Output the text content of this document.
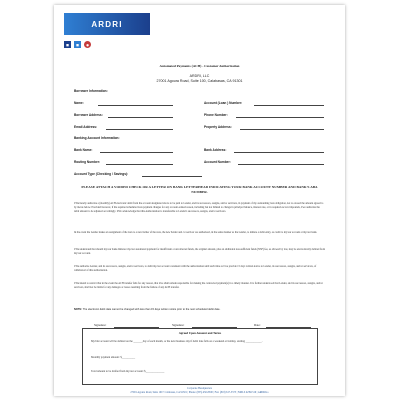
ARDRI
■	■	●
Automated Payments (ACH) - Customer Authorization
ARDRI, LLC
27001 Agoura Road, Suite 100, Calabasas, CA 91301
Borrower Information:
Name:	Account (Loan ) Number:
Borrower Address:	Phone Number:
Email Address:	Property Address:
Banking Account Information:
Bank Name:	Bank Address:
Routing Number:	Account Number:
Account Type (Checking / Savings):
PLEASE ATTACH A VOIDED CHECK OR A LETTER ON BANK LETTERHEAD INDICATING YOUR BANK ACCOUNT NUMBER AND BANK'S ABA NUMBER.
I/We hereby authorize a (monthly) ACH electronic debit from the account designated above to be paid to Lender, and its successors, assigns, and/or servicers, in payment of my outstanding loan obligation, not to exceed the amount agreed to by me/us below. Provided however, if the required scheduled loan payment changes for any account-related reason, including but not limited to change in principal balance, interest rate, or in required escrow impounds, I/we authorize the debit amount to be adjusted accordingly. I/We acknowledge that this Authorization is transferable to Lender's successors, assigns, and/or servicers.
In the event the Lender makes an assignment of the loan to a new holder of the note, the new holder and /or servicer are authorized, in the same manner as the Lender, to initiate a debit entry, as credit to my/our account at my/our bank.
I/We understand that should my/our bank dishonor my/our automated payment for insufficient or uncollected funds, the original amount, plus an additional non-sufficient funds (NSF) fee, as allowed by law, may be electronically debited from my/our account.
I/We authorize Lender, and its successors, assigns, and/or servicers, to debit my/our account consistent with the authorization until such time as I/we provide 15 days written notice to Lender, its successors, assigns, and/or servicers, of withdrawal of this authorization.
I/We intend to restrict that in the event the ACH transfer fails for any reason, that I/we shall remain responsible for making the contracted payment(s) in a timely manner. It is further understood that Lender, and its successors, assigns, and/or servicers, shall not be liable for any damages or losses resulting from the failure of any ACH transfer.
NOTE: The electronic debit date cannot be changed with less than 15 days written notice prior to the next scheduled debit date.
Signature:	Signature:	Date:
Agreed Upon Amount and Terms
My/Our account will be debited on the _______day of each month, or the next business day if debit date falls on a weekend or holiday, starting ____________.
Monthly payment amount: $__________
Total amount to be drafted from my/our account: $______________
Corporate Headquarters
27001 Agoura Road, Suite 100 • Calabasas, CA 91301 | Phone: (855) 450-8500 | Fax: (818) 617-5573 | NMLS #2391519 | ARDRI.io
